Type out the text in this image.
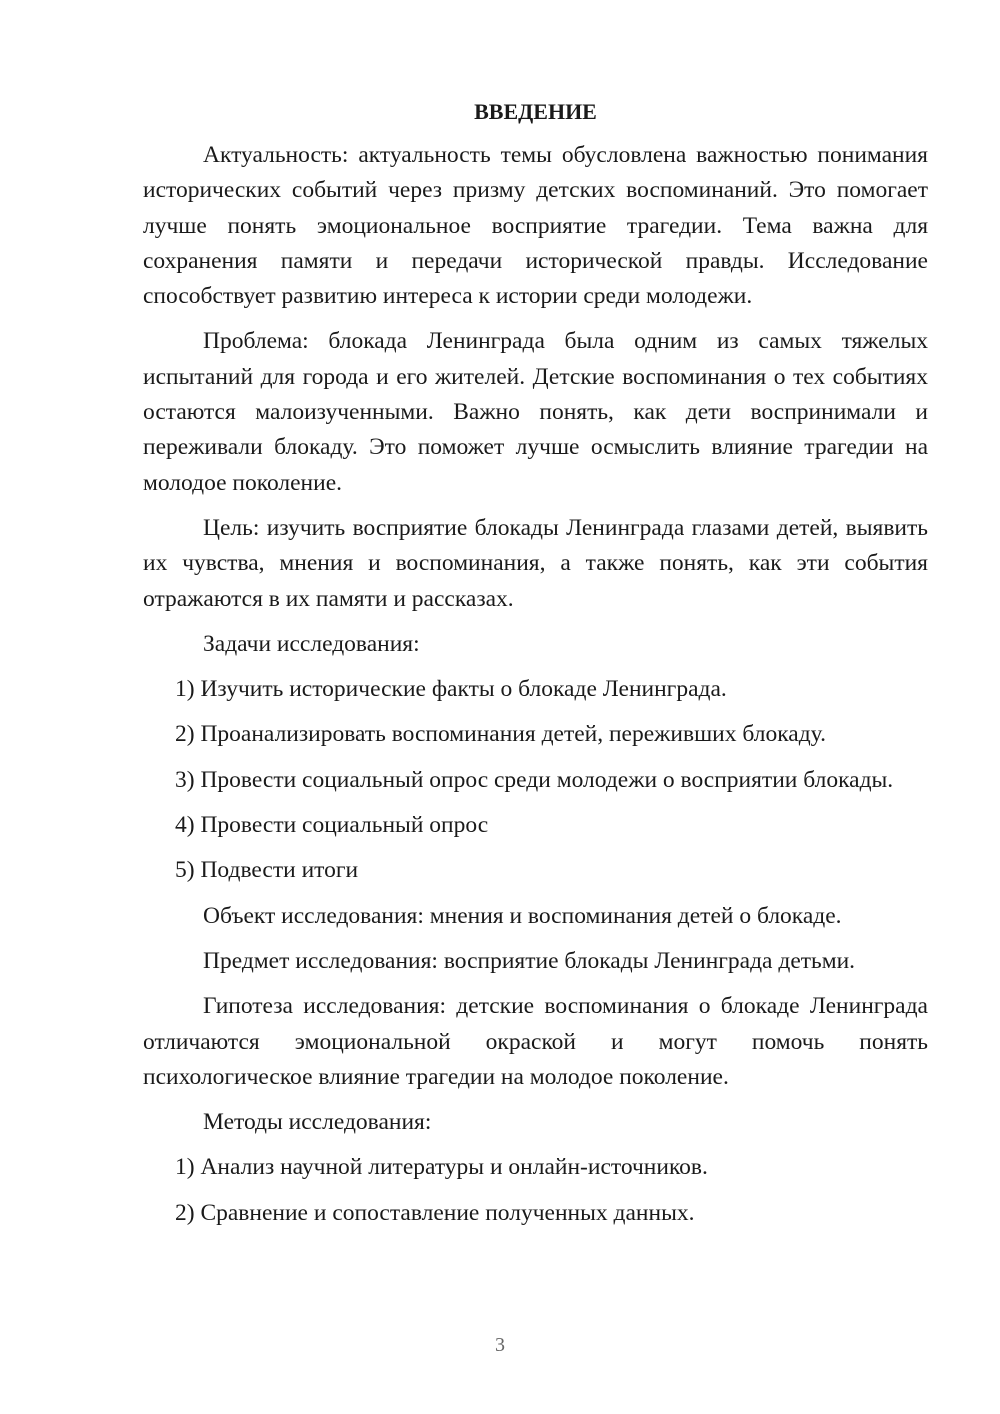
ВВЕДЕНИЕ

Актуальность: актуальность темы обусловлена важностью понимания исторических событий через призму детских воспоминаний. Это помогает лучше понять эмоциональное восприятие трагедии. Тема важна для сохранения памяти и передачи исторической правды. Исследование способствует развитию интереса к истории среди молодежи.

Проблема: блокада Ленинграда была одним из самых тяжелых испытаний для города и его жителей. Детские воспоминания о тех событиях остаются малоизученными. Важно понять, как дети воспринимали и переживали блокаду. Это поможет лучше осмыслить влияние трагедии на молодое поколение.

Цель: изучить восприятие блокады Ленинграда глазами детей, выявить их чувства, мнения и воспоминания, а также понять, как эти события отражаются в их памяти и рассказах.

Задачи исследования:

1) Изучить исторические факты о блокаде Ленинграда.

2) Проанализировать воспоминания детей, переживших блокаду.

3) Провести социальный опрос среди молодежи о восприятии блокады.

4) Провести социальный опрос

5) Подвести итоги

Объект исследования: мнения и воспоминания детей о блокаде.

Предмет исследования: восприятие блокады Ленинграда детьми.

Гипотеза исследования: детские воспоминания о блокаде Ленинграда отличаются эмоциональной окраской и могут помочь понять психологическое влияние трагедии на молодое поколение.

Методы исследования:

1) Анализ научной литературы и онлайн-источников.

2) Сравнение и сопоставление полученных данных.

3
